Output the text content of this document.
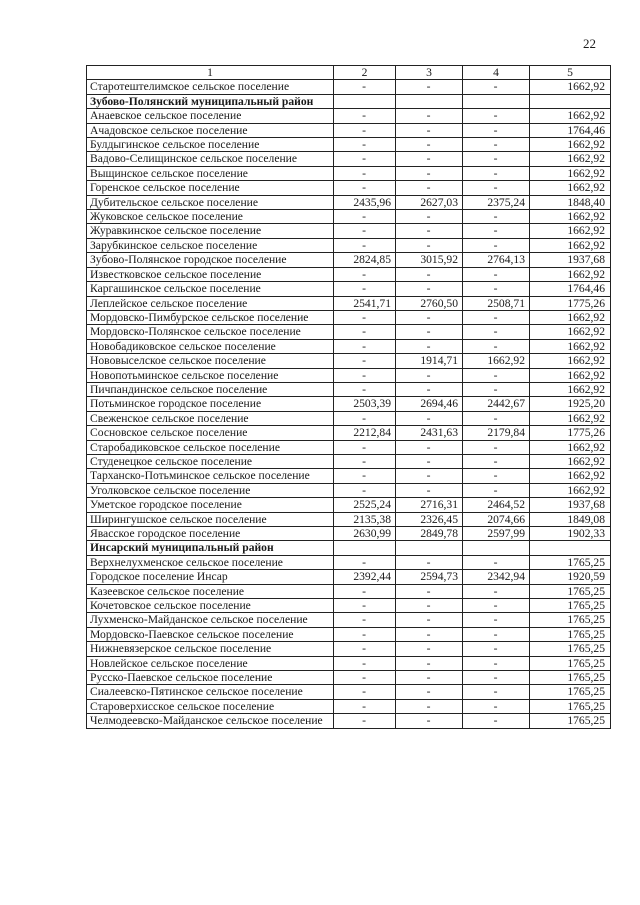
22
1	2	3	4	5
Старотештелимское сельское поселение	-	-	-	1662,92
Зубово-Полянский муниципальный район				
Анаевское сельское поселение	-	-	-	1662,92
Ачадовское сельское поселение	-	-	-	1764,46
Булдыгинское сельское поселение	-	-	-	1662,92
Вадово-Селищинское сельское поселение	-	-	-	1662,92
Выщинское сельское поселение	-	-	-	1662,92
Горенское сельское поселение	-	-	-	1662,92
Дубительское сельское поселение	2435,96	2627,03	2375,24	1848,40
Жуковское сельское поселение	-	-	-	1662,92
Журавкинское сельское поселение	-	-	-	1662,92
Зарубкинское сельское поселение	-	-	-	1662,92
Зубово-Полянское городское поселение	2824,85	3015,92	2764,13	1937,68
Известковское сельское поселение	-	-	-	1662,92
Каргашинское сельское поселение	-	-	-	1764,46
Леплейское сельское поселение	2541,71	2760,50	2508,71	1775,26
Мордовско-Пимбурское сельское поселение	-	-	-	1662,92
Мордовско-Полянское сельское поселение	-	-	-	1662,92
Новобадиковское сельское поселение	-	-	-	1662,92
Нововыселское сельское поселение	-	1914,71	1662,92	1662,92
Новопотьминское сельское поселение	-	-	-	1662,92
Пичпандинское сельское поселение	-	-	-	1662,92
Потьминское городское поселение	2503,39	2694,46	2442,67	1925,20
Свеженское сельское поселение	-	-	-	1662,92
Сосновское сельское поселение	2212,84	2431,63	2179,84	1775,26
Старобадиковское сельское поселение	-	-	-	1662,92
Студенецкое сельское поселение	-	-	-	1662,92
Тарханско-Потьминское сельское поселение	-	-	-	1662,92
Уголковское сельское поселение	-	-	-	1662,92
Уметское городское поселение	2525,24	2716,31	2464,52	1937,68
Ширингушское сельское поселение	2135,38	2326,45	2074,66	1849,08
Явасское городское поселение	2630,99	2849,78	2597,99	1902,33
Инсарский муниципальный район				
Верхнелухменское сельское поселение	-	-	-	1765,25
Городское поселение Инсар	2392,44	2594,73	2342,94	1920,59
Казеевское сельское поселение	-	-	-	1765,25
Кочетовское сельское поселение	-	-	-	1765,25
Лухменско-Майданское сельское поселение	-	-	-	1765,25
Мордовско-Паевское сельское поселение	-	-	-	1765,25
Нижневязерское сельское поселение	-	-	-	1765,25
Новлейское сельское поселение	-	-	-	1765,25
Русско-Паевское сельское поселение	-	-	-	1765,25
Сиалеевско-Пятинское сельское поселение	-	-	-	1765,25
Староверхисское сельское поселение	-	-	-	1765,25
Челмодеевско-Майданское сельское поселение	-	-	-	1765,25
